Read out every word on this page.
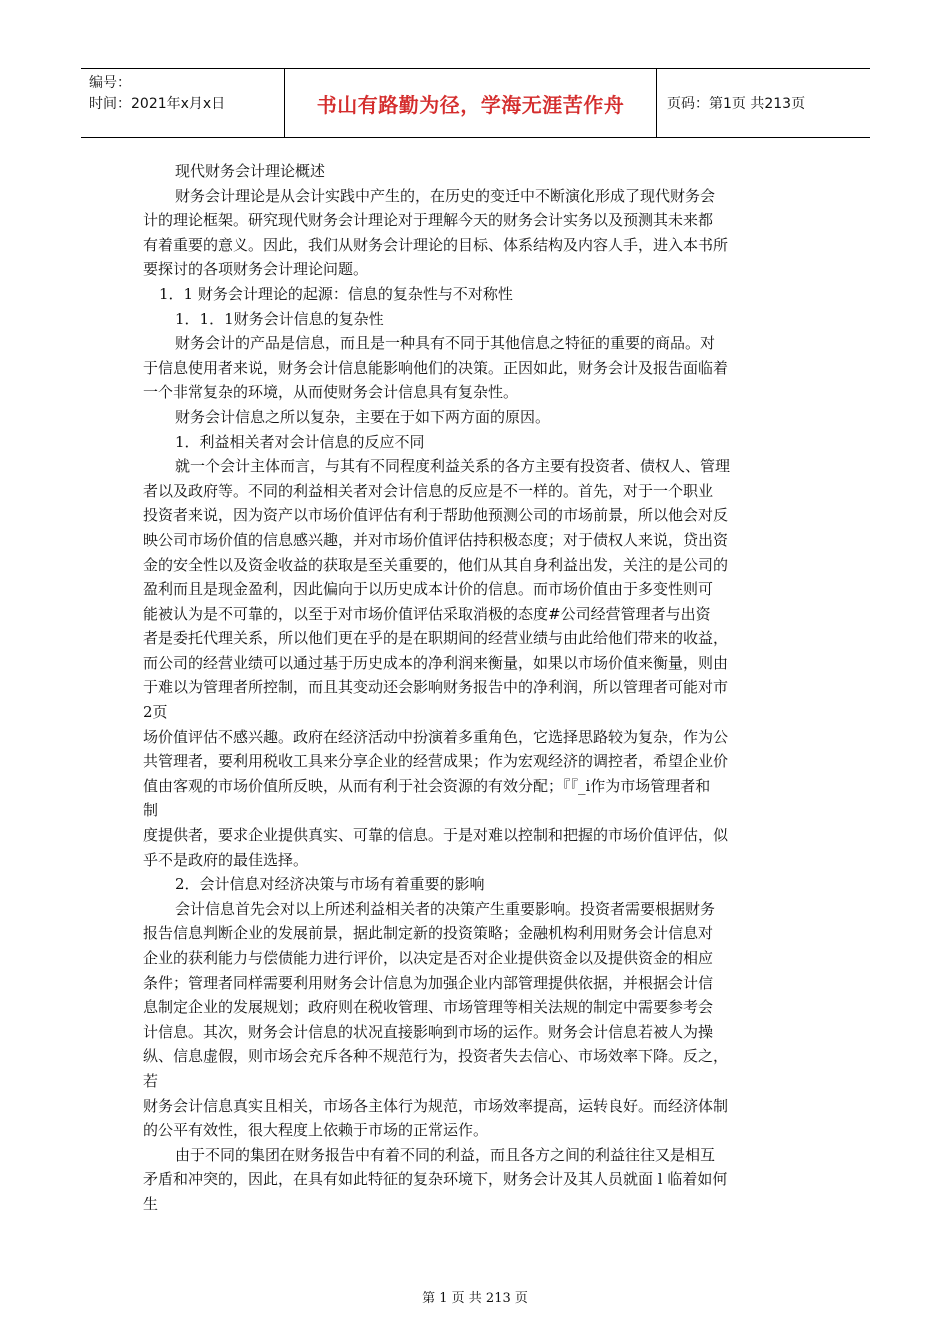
编号：
时间：2021年x月x日	书山有路勤为径，学海无涯苦作舟	页码：第1页 共213页

现代财务会计理论概述

财务会计理论是从会计实践中产生的，在历史的变迁中不断演化形成了现代财务会

计的理论框架。研究现代财务会计理论对于理解今天的财务会计实务以及预测其未来都

有着重要的意义。因此，我们从财务会计理论的目标、体系结构及内容人手，进入本书所

要探讨的各项财务会计理论问题。

1．1 财务会计理论的起源：信息的复杂性与不对称性

1．1．1财务会计信息的复杂性

财务会计的产品是信息，而且是一种具有不同于其他信息之特征的重要的商品。对

于信息使用者来说，财务会计信息能影响他们的决策。正因如此，财务会计及报告面临着

一个非常复杂的环境，从而使财务会计信息具有复杂性。

财务会计信息之所以复杂，主要在于如下两方面的原因。

1．利益相关者对会计信息的反应不同

就一个会计主体而言，与其有不同程度利益关系的各方主要有投资者、债权人、管理

者以及政府等。不同的利益相关者对会计信息的反应是不一样的。首先，对于一个职业

投资者来说，因为资产以市场价值评估有利于帮助他预测公司的市场前景，所以他会对反

映公司市场价值的信息感兴趣，并对市场价值评估持积极态度；对于债权人来说，贷出资

金的安全性以及资金收益的获取是至关重要的，他们从其自身利益出发，关注的是公司的

盈利而且是现金盈利，因此偏向于以历史成本计价的信息。而市场价值由于多变性则可

能被认为是不可靠的，以至于对市场价值评估采取消极的态度#公司经营管理者与出资

者是委托代理关系，所以他们更在乎的是在职期间的经营业绩与由此给他们带来的收益，

而公司的经营业绩可以通过基于历史成本的净利润来衡量，如果以市场价值来衡量，则由

于难以为管理者所控制，而且其变动还会影响财务报告中的净利润，所以管理者可能对市

2页

场价值评估不感兴趣。政府在经济活动中扮演着多重角色，它选择思路较为复杂，作为公

共管理者，要利用税收工具来分享企业的经营成果；作为宏观经济的调控者，希望企业价

值由客观的市场价值所反映，从而有利于社会资源的有效分配；『『_i作为市场管理者和

制

度提供者，要求企业提供真实、可靠的信息。于是对难以控制和把握的市场价值评估，似

乎不是政府的最佳选择。

2．会计信息对经济决策与市场有着重要的影响

会计信息首先会对以上所述利益相关者的决策产生重要影响。投资者需要根据财务

报告信息判断企业的发展前景，据此制定新的投资策略；金融机构利用财务会计信息对

企业的获利能力与偿债能力进行评价，以决定是否对企业提供资金以及提供资金的相应

条件；管理者同样需要利用财务会计信息为加强企业内部管理提供依据，并根据会计信

息制定企业的发展规划；政府则在税收管理、市场管理等相关法规的制定中需要参考会

计信息。其次，财务会计信息的状况直接影响到市场的运作。财务会计信息若被人为操

纵、信息虚假，则市场会充斥各种不规范行为，投资者失去信心、市场效率下降。反之，

若

财务会计信息真实且相关，市场各主体行为规范，市场效率提高，运转良好。而经济体制

的公平有效性，很大程度上依赖于市场的正常运作。

由于不同的集团在财务报告中有着不同的利益，而且各方之间的利益往往又是相互

矛盾和冲突的，因此，在具有如此特征的复杂环境下，财务会计及其人员就面 l 临着如何

生

第 1 页 共 213 页
